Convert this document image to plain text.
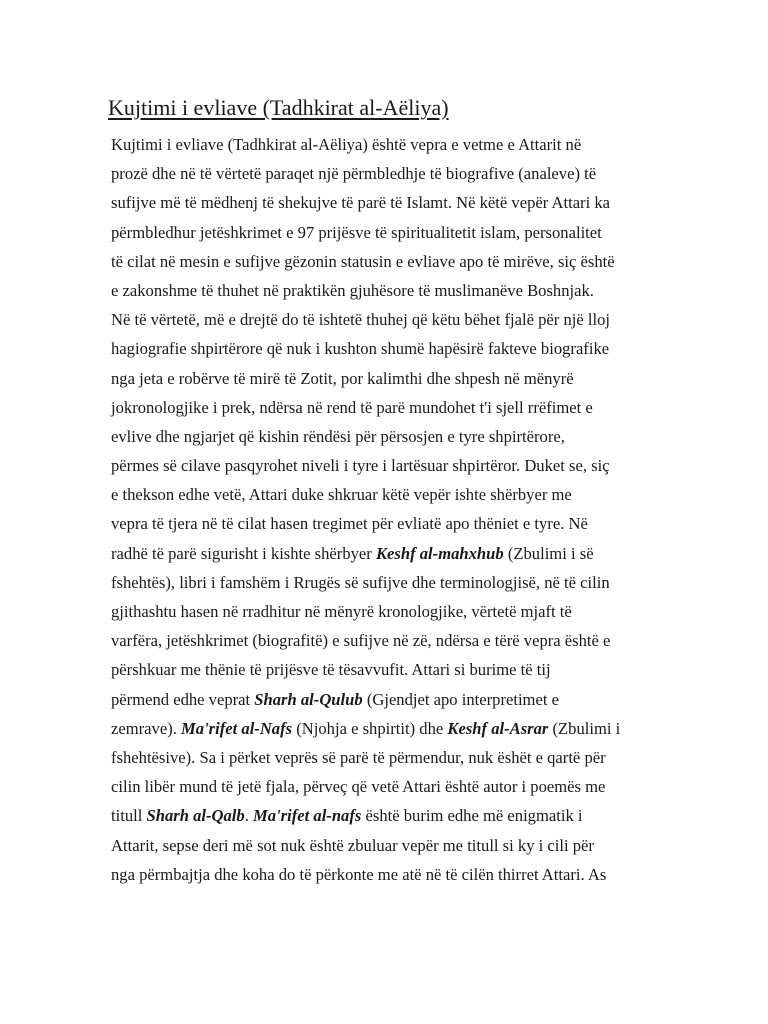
Kujtimi i evliave (Tadhkirat al-Aëliya)
Kujtimi i evliave (Tadhkirat al-Aëliya) është vepra e vetme e Attarit në
prozë dhe në të vërtetë paraqet një përmbledhje të biografive (analeve) të
sufijve më të mëdhenj të shekujve të parë të Islamt. Në këtë vepër Attari ka
përmbledhur jetëshkrimet e 97 prijësve të spiritualitetit islam, personalitet
të cilat në mesin e sufijve gëzonin statusin e evliave apo të mirëve, siç është
e zakonshme të thuhet në praktikën gjuhësore të muslimanëve Boshnjak.
Në të vërtetë, më e drejtë do të ishtetë thuhej që këtu bëhet fjalë për një lloj
hagiografie shpirtërore që nuk i kushton shumë hapësirë fakteve biografike
nga jeta e robërve të mirë të Zotit, por kalimthi dhe shpesh në mënyrë
jokronologjike i prek, ndërsa në rend të parë mundohet t'i sjell rrëfimet e
evlive dhe ngjarjet që kishin rëndësi për përsosjen e tyre shpirtërore,
përmes së cilave pasqyrohet niveli i tyre i lartësuar shpirtëror. Duket se, siç
e thekson edhe vetë, Attari duke shkruar këtë vepër ishte shërbyer me
vepra të tjera në të cilat hasen tregimet për evliatë apo thëniet e tyre. Në
radhë të parë sigurisht i kishte shërbyer Keshf al-mahxhub (Zbulimi i së
fshehtës), libri i famshëm i Rrugës së sufijve dhe terminologjisë, në të cilin
gjithashtu hasen në rradhitur në mënyrë kronologjike, vërtetë mjaft të
varfëra, jetëshkrimet (biografitë) e sufijve në zë, ndërsa e tërë vepra është e
përshkuar me thënie të prijësve të tësavvufit. Attari si burime të tij
përmend edhe veprat Sharh al-Qulub (Gjendjet apo interpretimet e
zemrave). Ma'rifet al-Nafs (Njohja e shpirtit) dhe Keshf al-Asrar (Zbulimi i
fshehtësive). Sa i përket veprës së parë të përmendur, nuk ëshët e qartë për
cilin libër mund të jetë fjala, përveç që vetë Attari është autor i poemës me
titull Sharh al-Qalb. Ma'rifet al-nafs është burim edhe më enigmatik i
Attarit, sepse deri më sot nuk është zbuluar vepër me titull si ky i cili për
nga përmbajtja dhe koha do të përkonte me atë në të cilën thirret Attari. As
